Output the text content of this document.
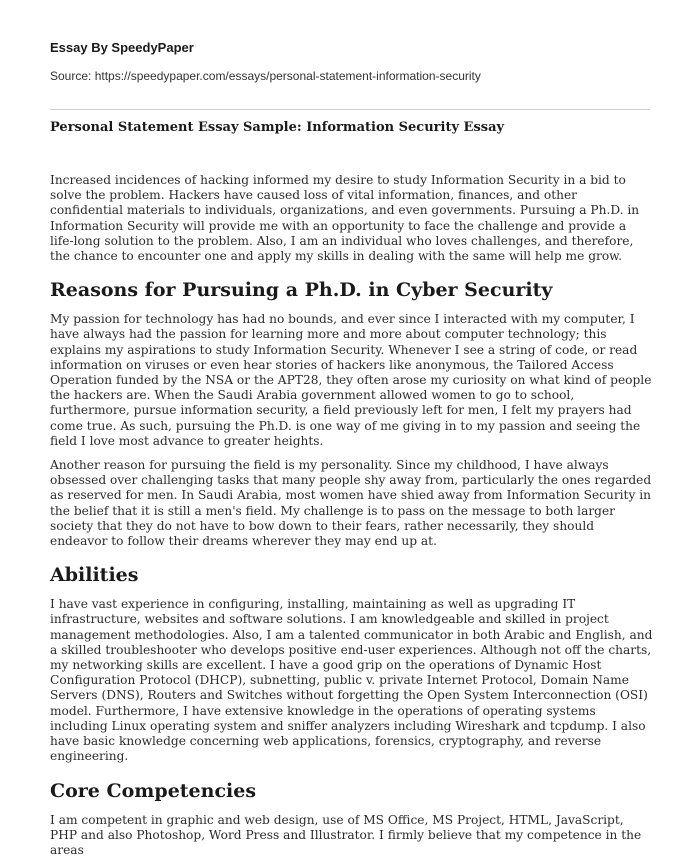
Essay By SpeedyPaper

Source: https://speedypaper.com/essays/personal-statement-information-security

Personal Statement Essay Sample: Information Security Essay

Increased incidences of hacking informed my desire to study Information Security in a bid to solve the problem. Hackers have caused loss of vital information, finances, and other confidential materials to individuals, organizations, and even governments. Pursuing a Ph.D. in Information Security will provide me with an opportunity to face the challenge and provide a life-long solution to the problem. Also, I am an individual who loves challenges, and therefore, the chance to encounter one and apply my skills in dealing with the same will help me grow.

Reasons for Pursuing a Ph.D. in Cyber Security

My passion for technology has had no bounds, and ever since I interacted with my computer, I have always had the passion for learning more and more about computer technology; this explains my aspirations to study Information Security. Whenever I see a string of code, or read information on viruses or even hear stories of hackers like anonymous, the Tailored Access Operation funded by the NSA or the APT28, they often arose my curiosity on what kind of people the hackers are. When the Saudi Arabia government allowed women to go to school, furthermore, pursue information security, a field previously left for men, I felt my prayers had come true. As such, pursuing the Ph.D. is one way of me giving in to my passion and seeing the field I love most advance to greater heights.

Another reason for pursuing the field is my personality. Since my childhood, I have always obsessed over challenging tasks that many people shy away from, particularly the ones regarded as reserved for men. In Saudi Arabia, most women have shied away from Information Security in the belief that it is still a men's field. My challenge is to pass on the message to both larger society that they do not have to bow down to their fears, rather necessarily, they should endeavor to follow their dreams wherever they may end up at.

Abilities

I have vast experience in configuring, installing, maintaining as well as upgrading IT infrastructure, websites and software solutions. I am knowledgeable and skilled in project management methodologies. Also, I am a talented communicator in both Arabic and English, and a skilled troubleshooter who develops positive end-user experiences. Although not off the charts, my networking skills are excellent. I have a good grip on the operations of Dynamic Host Configuration Protocol (DHCP), subnetting, public v. private Internet Protocol, Domain Name Servers (DNS), Routers and Switches without forgetting the Open System Interconnection (OSI) model. Furthermore, I have extensive knowledge in the operations of operating systems including Linux operating system and sniffer analyzers including Wireshark and tcpdump. I also have basic knowledge concerning web applications, forensics, cryptography, and reverse engineering.

Core Competencies

I am competent in graphic and web design, use of MS Office, MS Project, HTML, JavaScript, PHP and also Photoshop, Word Press and Illustrator. I firmly believe that my competence in the areas
